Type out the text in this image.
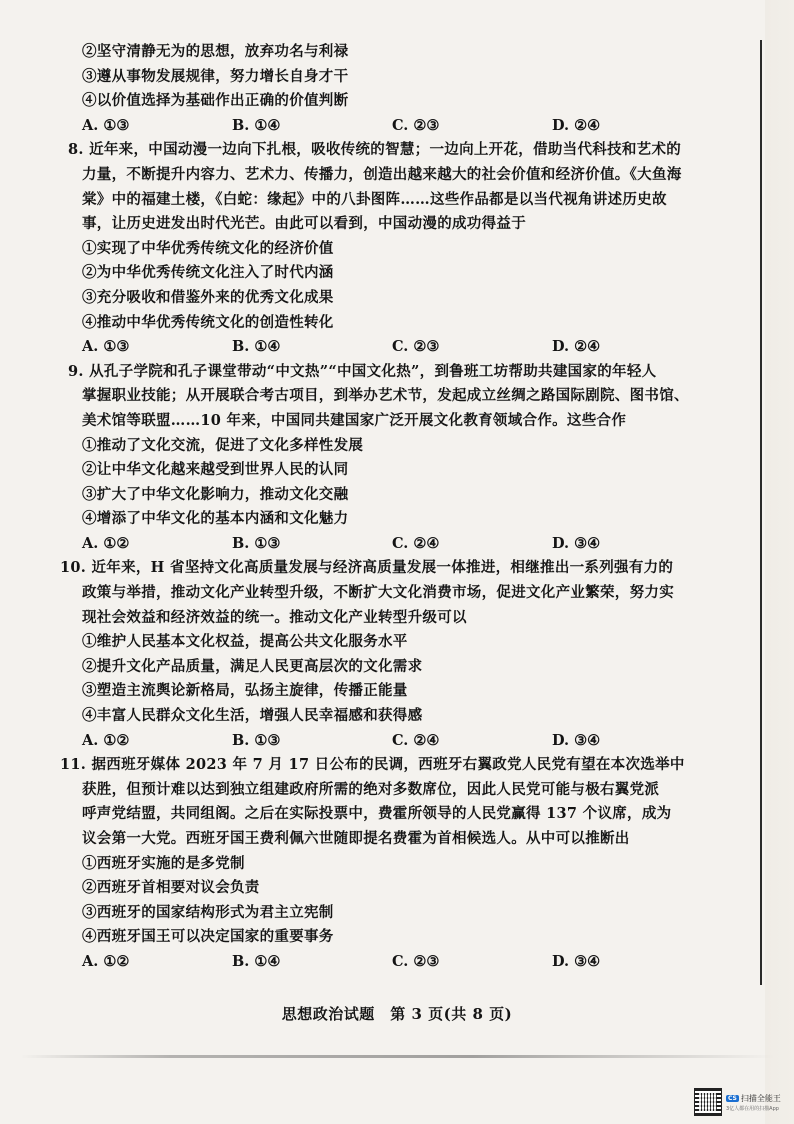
②坚守清静无为的思想，放弃功名与利禄
③遵从事物发展规律，努力增长自身才干
④以价值选择为基础作出正确的价值判断
A. ①③	B. ①④	C. ②③	D. ②④
8. 近年来，中国动漫一边向下扎根，吸收传统的智慧；一边向上开花，借助当代科技和艺术的
力量，不断提升内容力、艺术力、传播力，创造出越来越大的社会价值和经济价值。《大鱼海
棠》中的福建土楼，《白蛇：缘起》中的八卦图阵……这些作品都是以当代视角讲述历史故
事，让历史进发出时代光芒。由此可以看到，中国动漫的成功得益于
①实现了中华优秀传统文化的经济价值
②为中华优秀传统文化注入了时代内涵
③充分吸收和借鉴外来的优秀文化成果
④推动中华优秀传统文化的创造性转化
A. ①③	B. ①④	C. ②③	D. ②④
9. 从孔子学院和孔子课堂带动“中文热”“中国文化热”，到鲁班工坊帮助共建国家的年轻人
掌握职业技能；从开展联合考古项目，到举办艺术节，发起成立丝绸之路国际剧院、图书馆、
美术馆等联盟……10 年来，中国同共建国家广泛开展文化教育领域合作。这些合作
①推动了文化交流，促进了文化多样性发展
②让中华文化越来越受到世界人民的认同
③扩大了中华文化影响力，推动文化交融
④增添了中华文化的基本内涵和文化魅力
A. ①②	B. ①③	C. ②④	D. ③④
10. 近年来，H 省坚持文化高质量发展与经济高质量发展一体推进，相继推出一系列强有力的
政策与举措，推动文化产业转型升级，不断扩大文化消费市场，促进文化产业繁荣，努力实
现社会效益和经济效益的统一。推动文化产业转型升级可以
①维护人民基本文化权益，提高公共文化服务水平
②提升文化产品质量，满足人民更高层次的文化需求
③塑造主流舆论新格局，弘扬主旋律，传播正能量
④丰富人民群众文化生活，增强人民幸福感和获得感
A. ①②	B. ①③	C. ②④	D. ③④
11. 据西班牙媒体 2023 年 7 月 17 日公布的民调，西班牙右翼政党人民党有望在本次选举中
获胜，但预计难以达到独立组建政府所需的绝对多数席位，因此人民党可能与极右翼党派
呼声党结盟，共同组阁。之后在实际投票中，费霍所领导的人民党赢得 137 个议席，成为
议会第一大党。西班牙国王费利佩六世随即提名费霍为首相候选人。从中可以推断出
①西班牙实施的是多党制
②西班牙首相要对议会负责
③西班牙的国家结构形式为君主立宪制
④西班牙国王可以决定国家的重要事务
A. ①②	B. ①④	C. ②③	D. ③④
思想政治试题　第 3 页(共 8 页)
CS 扫描全能王
3亿人都在用的扫描App
